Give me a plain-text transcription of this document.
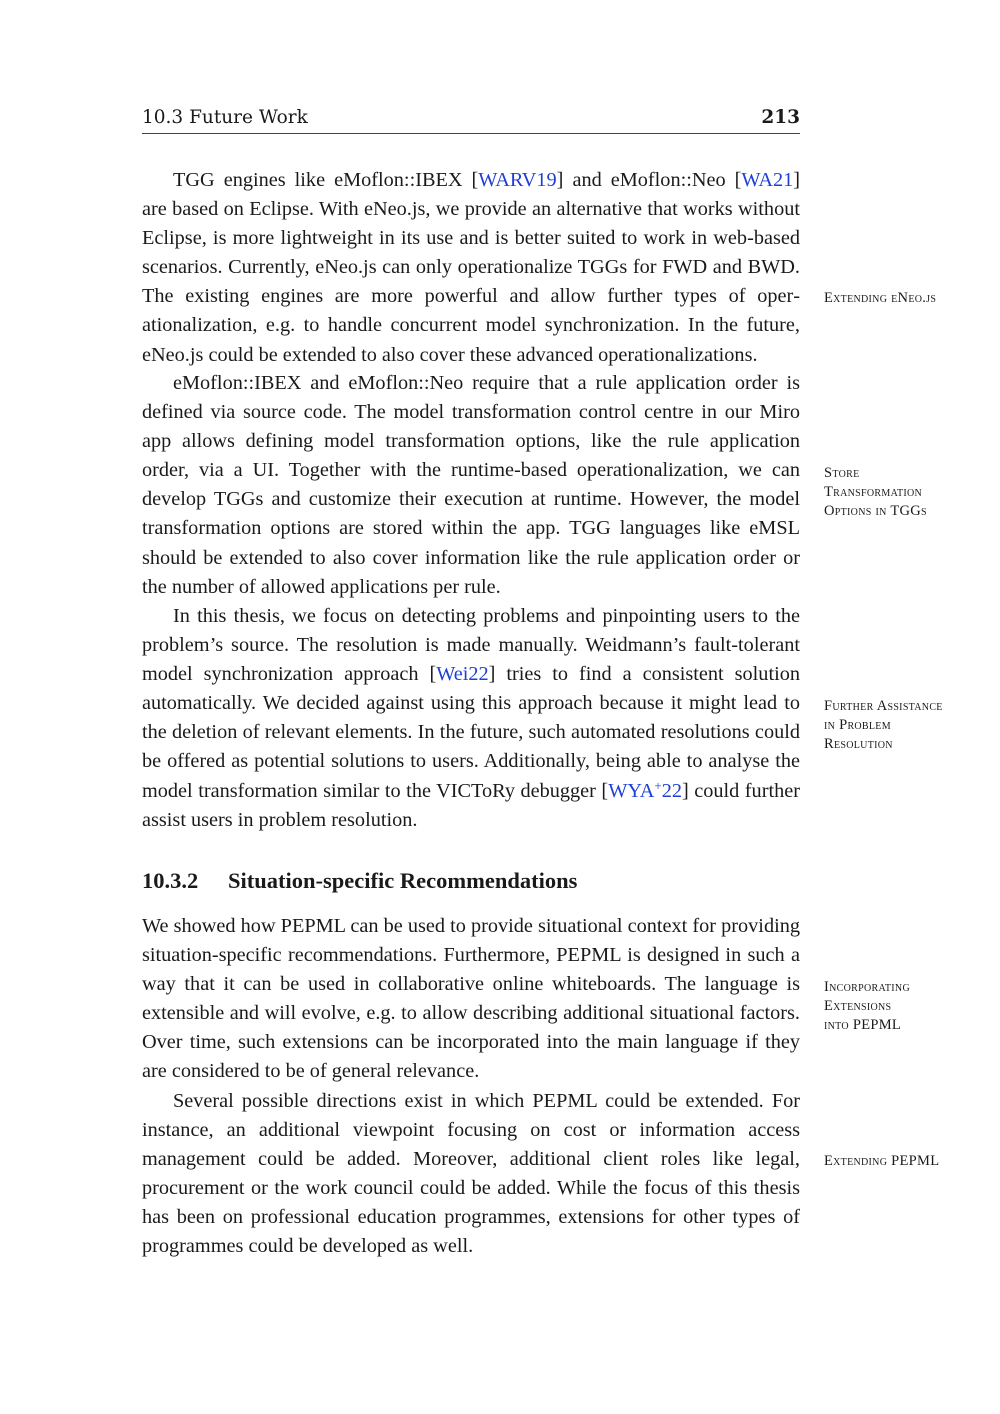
10.3 Future Work	213

TGG engines like eMoflon::IBEX [WARV19] and eMoflon::Neo [WA21] are based on Eclipse. With eNeo.js, we provide an alternative that works without Eclipse, is more lightweight in its use and is better suited to work in web-based scenarios. Currently, eNeo.js can only operationalize TGGs for FWD and BWD. The existing engines are more powerful and allow further types of operationalization, e.g. to handle concurrent model synchronization. In the future, eNeo.js could be extended to also cover these advanced operationalizations.

eMoflon::IBEX and eMoflon::Neo require that a rule application order is defined via source code. The model transformation control centre in our Miro app allows defining model transformation options, like the rule application order, via a UI. Together with the runtime-based operationalization, we can develop TGGs and customize their execution at runtime. However, the model transformation options are stored within the app. TGG languages like eMSL should be extended to also cover information like the rule application order or the number of allowed applications per rule.

In this thesis, we focus on detecting problems and pinpointing users to the problem’s source. The resolution is made manually. Weidmann’s fault-tolerant model synchronization approach [Wei22] tries to find a consistent solution automatically. We decided against using this approach because it might lead to the deletion of relevant elements. In the future, such automated resolutions could be offered as potential solutions to users. Additionally, being able to analyse the model transformation similar to the VICToRy debugger [WYA+22] could further assist users in problem resolution.

10.3.2 Situation-specific Recommendations

We showed how PEPML can be used to provide situational context for providing situation-specific recommendations. Furthermore, PEPML is designed in such a way that it can be used in collaborative online whiteboards. The language is extensible and will evolve, e.g. to allow describing additional situational factors. Over time, such extensions can be incorporated into the main language if they are considered to be of general relevance.

Several possible directions exist in which PEPML could be extended. For instance, an additional viewpoint focusing on cost or information access management could be added. Moreover, additional client roles like legal, procurement or the work council could be added. While the focus of this thesis has been on professional education programmes, extensions for other types of programmes could be developed as well.

Extending eNeo.js
Store
Transformation
Options in TGGs
Further Assistance
in Problem
Resolution
Incorporating
Extensions
into PEPML
Extending PEPML
